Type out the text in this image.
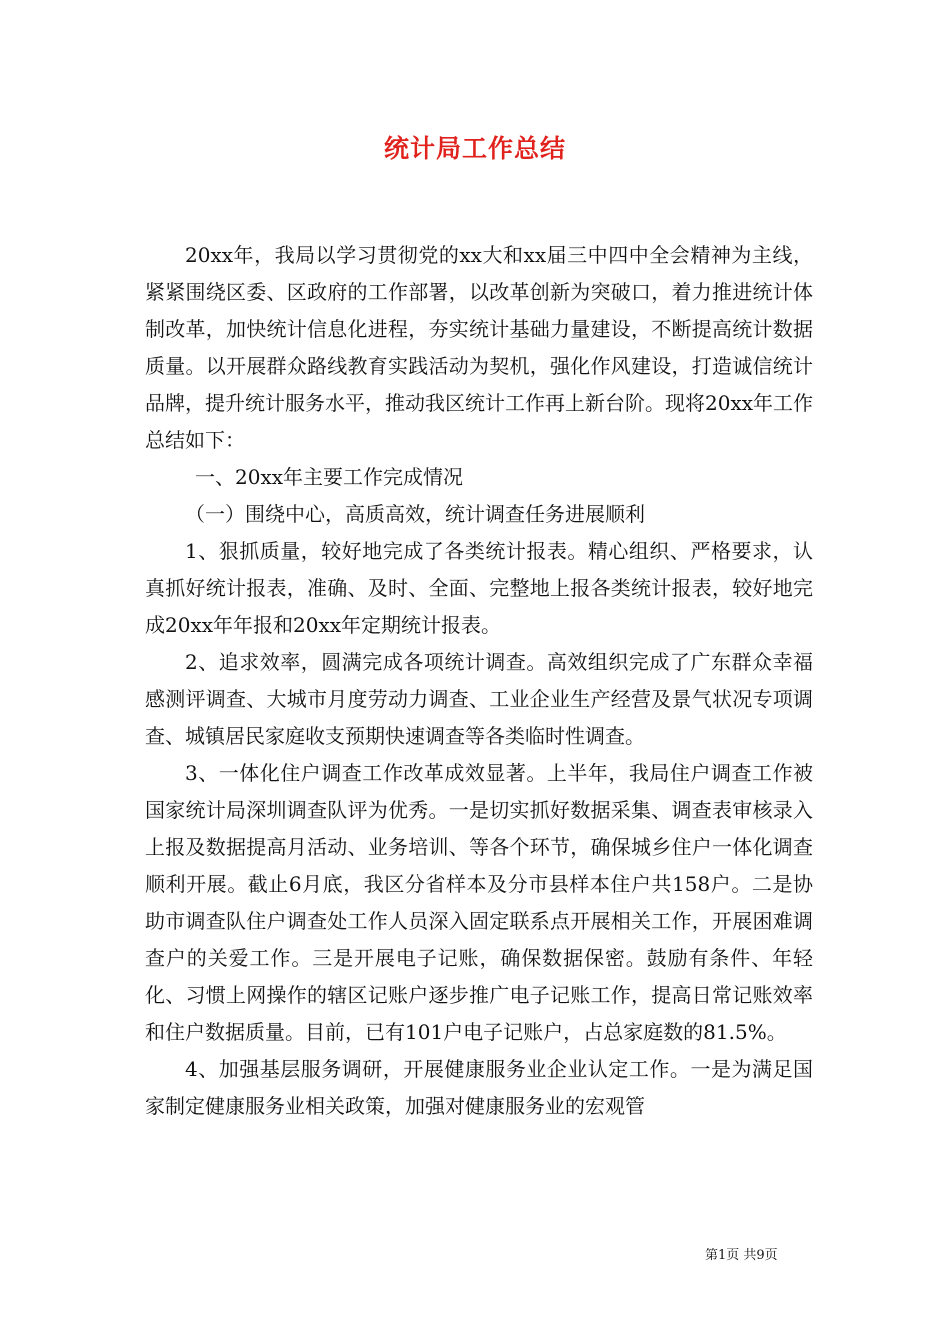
统计局工作总结

20xx年，我局以学习贯彻党的xx大和xx届三中四中全会精神为主线，紧紧围绕区委、区政府的工作部署，以改革创新为突破口，着力推进统计体制改革，加快统计信息化进程，夯实统计基础力量建设，不断提高统计数据质量。以开展群众路线教育实践活动为契机，强化作风建设，打造诚信统计品牌，提升统计服务水平，推动我区统计工作再上新台阶。现将20xx年工作总结如下：

一、20xx年主要工作完成情况

（一）围绕中心，高质高效，统计调查任务进展顺利

1、狠抓质量，较好地完成了各类统计报表。精心组织、严格要求，认真抓好统计报表，准确、及时、全面、完整地上报各类统计报表，较好地完成20xx年年报和20xx年定期统计报表。

2、追求效率，圆满完成各项统计调查。高效组织完成了广东群众幸福感测评调查、大城市月度劳动力调查、工业企业生产经营及景气状况专项调查、城镇居民家庭收支预期快速调查等各类临时性调查。

3、一体化住户调查工作改革成效显著。上半年，我局住户调查工作被国家统计局深圳调查队评为优秀。一是切实抓好数据采集、调查表审核录入上报及数据提高月活动、业务培训、等各个环节，确保城乡住户一体化调查顺利开展。截止6月底，我区分省样本及分市县样本住户共158户。二是协助市调查队住户调查处工作人员深入固定联系点开展相关工作，开展困难调查户的关爱工作。三是开展电子记账，确保数据保密。鼓励有条件、年轻化、习惯上网操作的辖区记账户逐步推广电子记账工作，提高日常记账效率和住户数据质量。目前，已有101户电子记账户，占总家庭数的81.5%。

4、加强基层服务调研，开展健康服务业企业认定工作。一是为满足国家制定健康服务业相关政策，加强对健康服务业的宏观管

第1页 共9页
